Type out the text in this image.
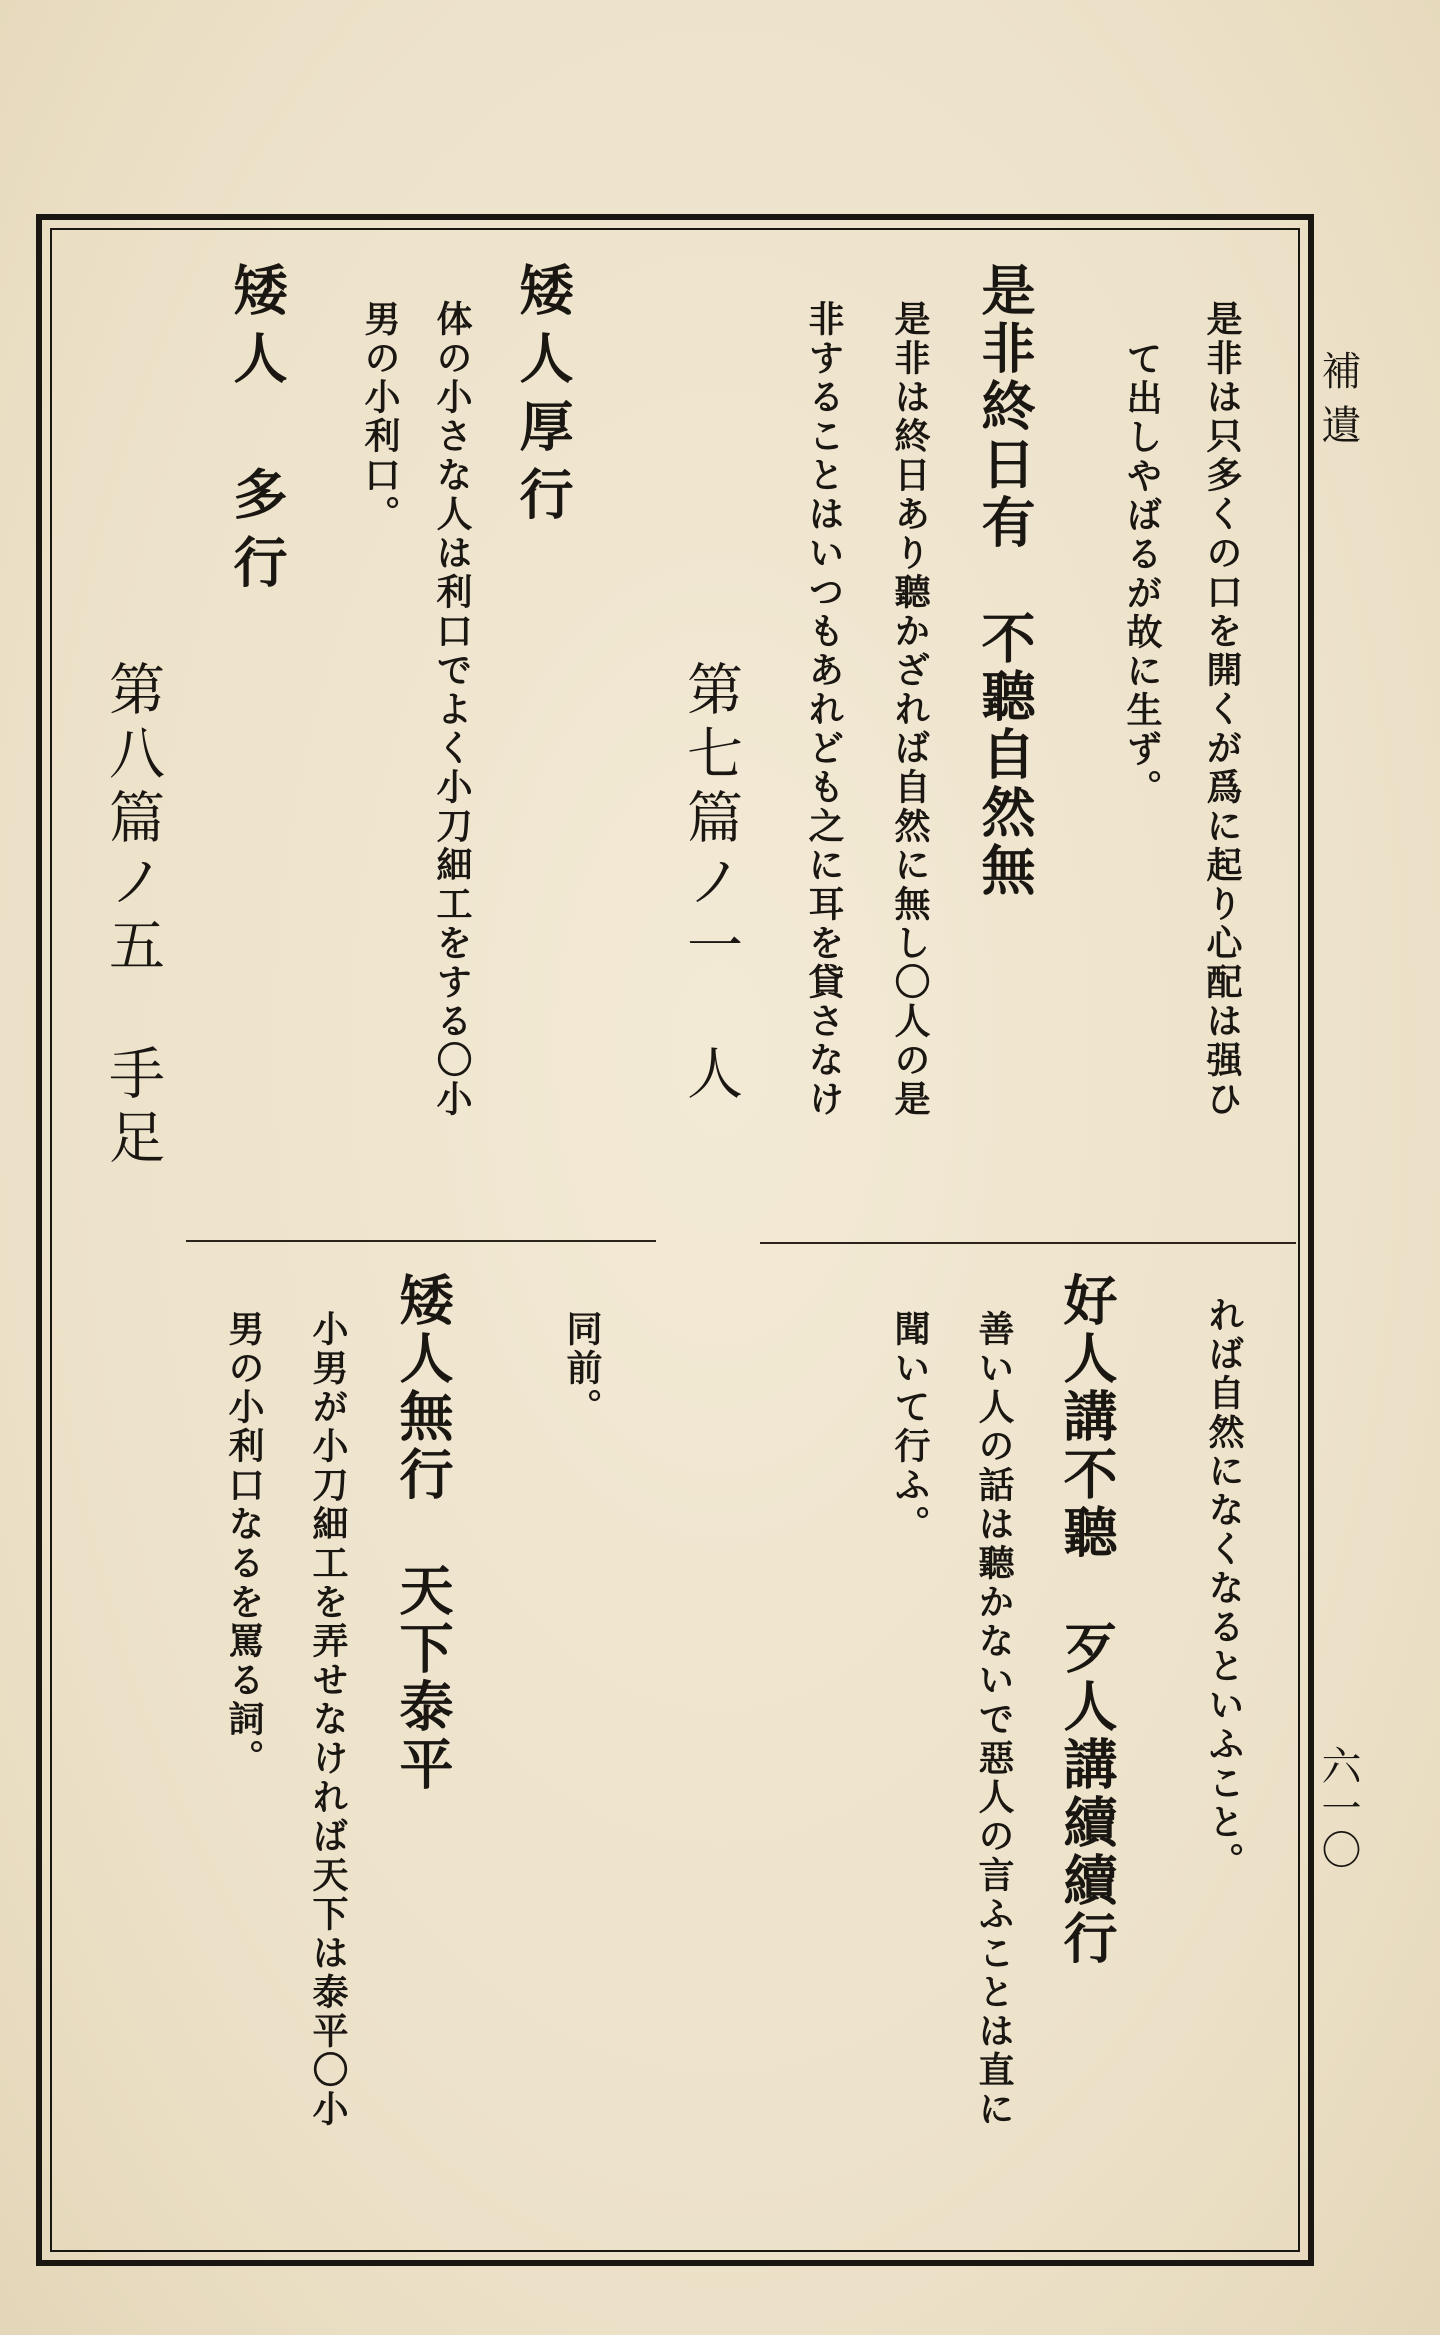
補遺
六一〇
是非は只多くの口を開くが爲に起り心配は强ひ
て出しやばるが故に生ず。
是非終日有　不聽自然無
是非は終日あり聽かざれば自然に無し〇人の是
非することはいつもあれども之に耳を貸さなけ
第七篇ノ一　人
矮人厚行
体の小さな人は利口でよく小刀細工をする〇小
男の小利口。
矮人　多行
第八篇ノ五　手足
れば自然になくなるといふこと。
好人講不聽　歹人講續續行
善い人の話は聽かないで惡人の言ふことは直に
聞いて行ふ。
同前。
矮人無行　天下泰平
小男が小刀細工を弄せなければ天下は泰平〇小
男の小利口なるを罵る詞。
